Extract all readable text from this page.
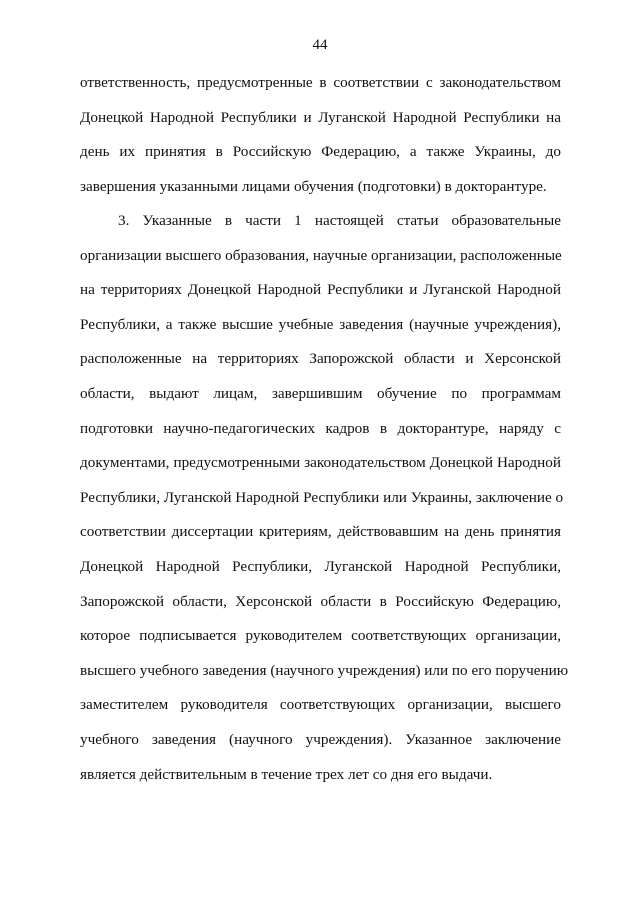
44
ответственность, предусмотренные в соответствии с законодательством
Донецкой Народной Республики и Луганской Народной Республики на
день их принятия в Российскую Федерацию, а также Украины, до
завершения указанными лицами обучения (подготовки) в докторантуре.
3. Указанные в части 1 настоящей статьи образовательные
организации высшего образования, научные организации, расположенные
на территориях Донецкой Народной Республики и Луганской Народной
Республики, а также высшие учебные заведения (научные учреждения),
расположенные на территориях Запорожской области и Херсонской
области, выдают лицам, завершившим обучение по программам
подготовки научно-педагогических кадров в докторантуре, наряду с
документами, предусмотренными законодательством Донецкой Народной
Республики, Луганской Народной Республики или Украины, заключение о
соответствии диссертации критериям, действовавшим на день принятия
Донецкой Народной Республики, Луганской Народной Республики,
Запорожской области, Херсонской области в Российскую Федерацию,
которое подписывается руководителем соответствующих организации,
высшего учебного заведения (научного учреждения) или по его поручению
заместителем руководителя соответствующих организации, высшего
учебного заведения (научного учреждения). Указанное заключение
является действительным в течение трех лет со дня его выдачи.
